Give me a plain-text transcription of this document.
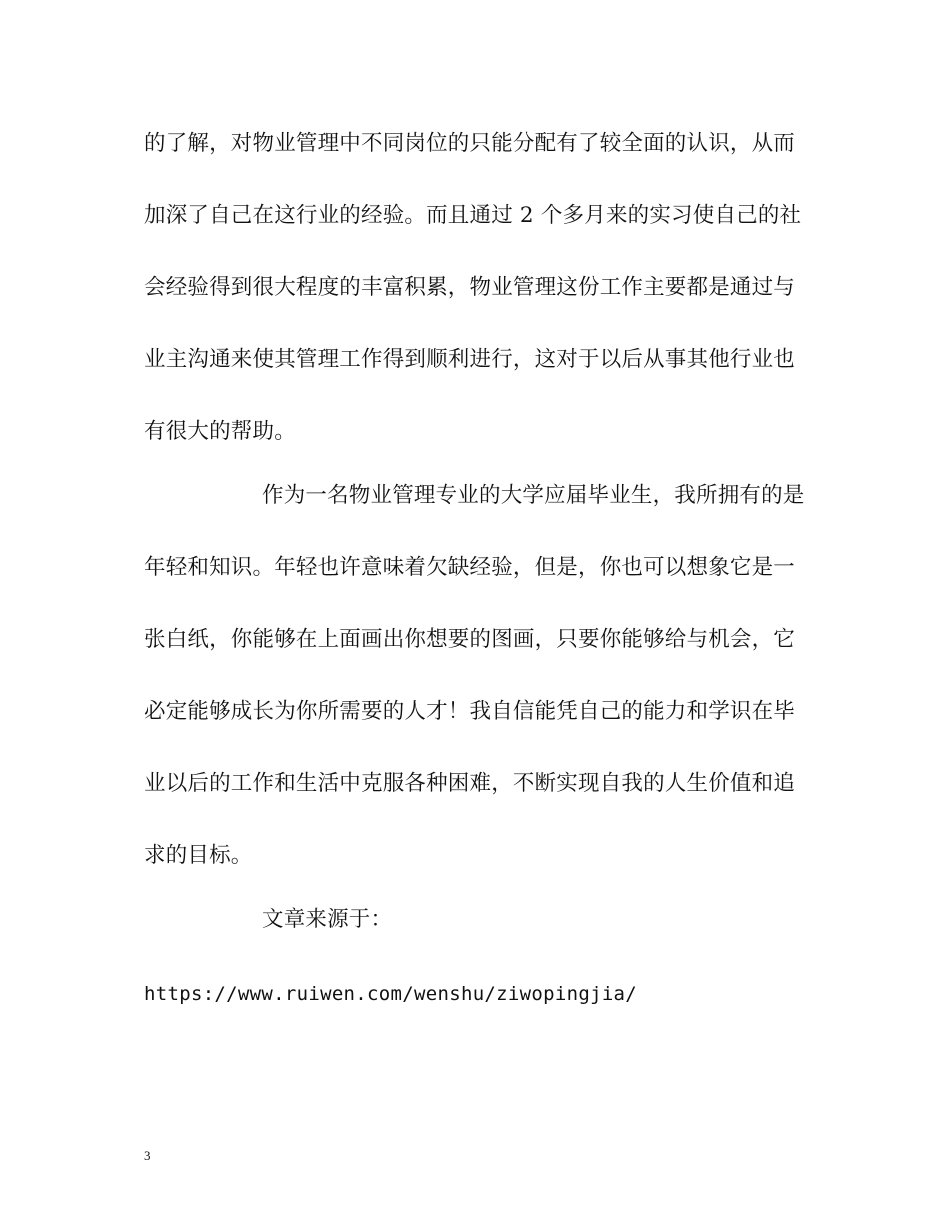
的了解，对物业管理中不同岗位的只能分配有了较全面的认识，从而
加深了自己在这行业的经验。而且通过 2 个多月来的实习使自己的社
会经验得到很大程度的丰富积累，物业管理这份工作主要都是通过与
业主沟通来使其管理工作得到顺利进行，这对于以后从事其他行业也
有很大的帮助。
作为一名物业管理专业的大学应届毕业生，我所拥有的是
年轻和知识。年轻也许意味着欠缺经验，但是，你也可以想象它是一
张白纸，你能够在上面画出你想要的图画，只要你能够给与机会，它
必定能够成长为你所需要的人才！我自信能凭自己的能力和学识在毕
业以后的工作和生活中克服各种困难，不断实现自我的人生价值和追
求的目标。
文章来源于：
https://www.ruiwen.com/wenshu/ziwopingjia/
3
